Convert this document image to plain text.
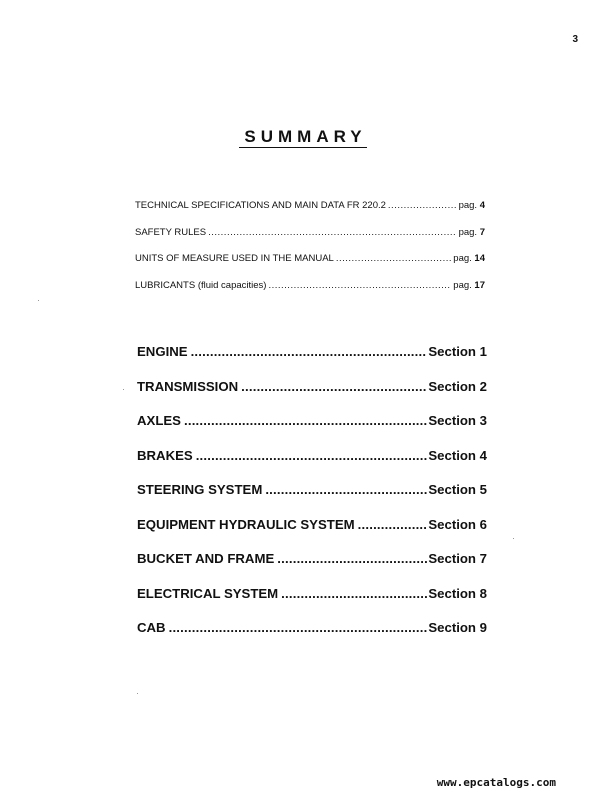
3
SUMMARY
TECHNICAL SPECIFICATIONS AND MAIN DATA FR 220.2 .....	pag. 4
SAFETY RULES .....	pag. 7
UNITS OF MEASURE USED IN THE MANUAL .....	pag. 14
LUBRICANTS (fluid capacities) .....	pag. 17
ENGINE .....	Section 1
TRANSMISSION .....	Section 2
AXLES .....	Section 3
BRAKES .....	Section 4
STEERING SYSTEM .....	Section 5
EQUIPMENT HYDRAULIC SYSTEM .....	Section 6
BUCKET AND FRAME .....	Section 7
ELECTRICAL SYSTEM .....	Section 8
CAB .....	Section 9
www.epcatalogs.com
